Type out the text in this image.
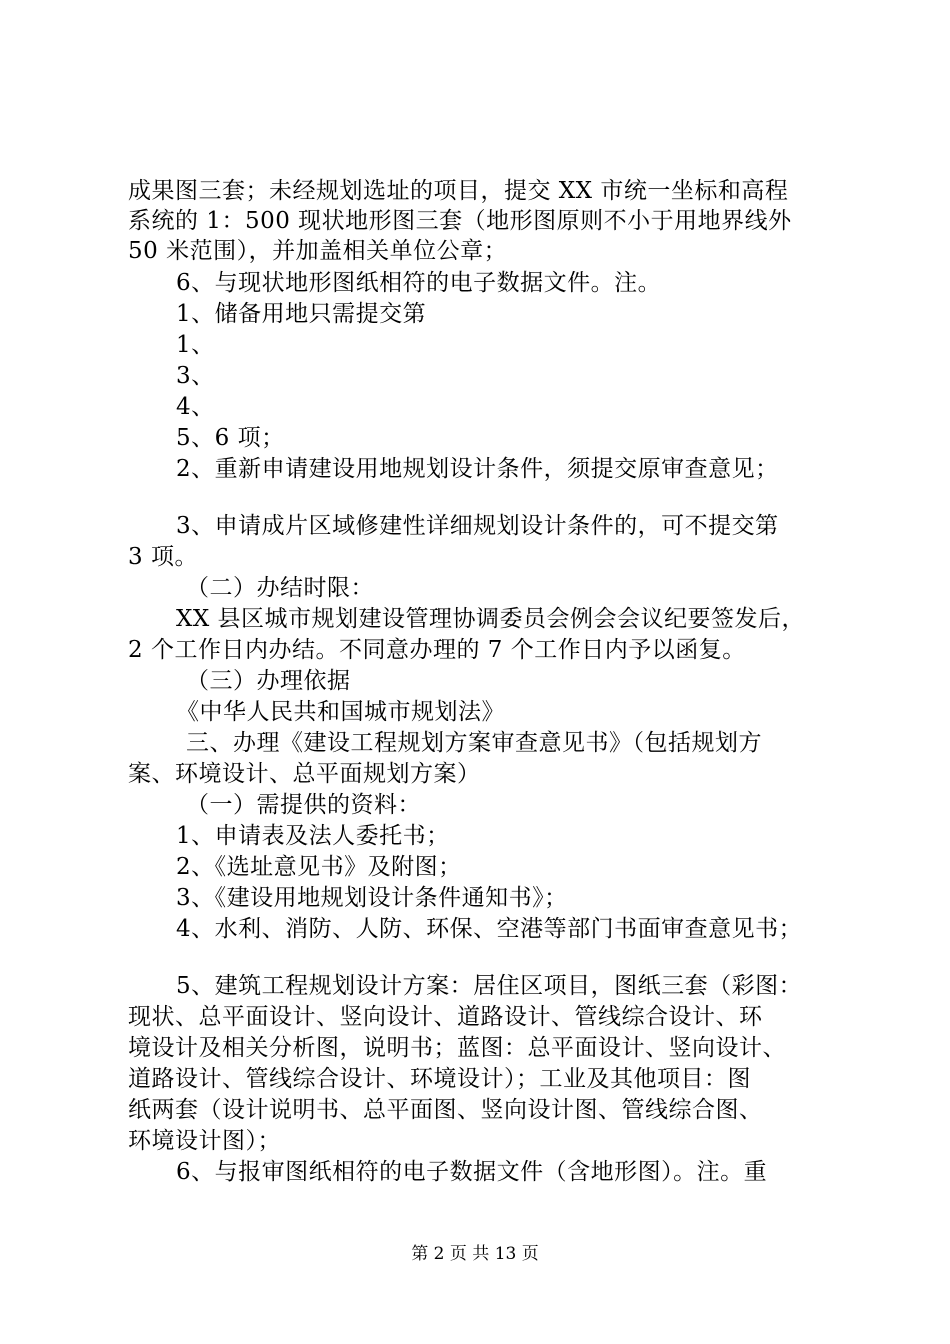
成果图三套；未经规划选址的项目，提交 XX 市统一坐标和高程
系统的 1：500 现状地形图三套（地形图原则不小于用地界线外
50 米范围），并加盖相关单位公章；
6、与现状地形图纸相符的电子数据文件。注。
1、储备用地只需提交第
1、
3、
4、
5、6 项；
2、重新申请建设用地规划设计条件，须提交原审查意见；
3、申请成片区域修建性详细规划设计条件的，可不提交第
3 项。
（二）办结时限：
XX 县区城市规划建设管理协调委员会例会会议纪要签发后，
2 个工作日内办结。不同意办理的 7 个工作日内予以函复。
（三）办理依据
《中华人民共和国城市规划法》
三、办理《建设工程规划方案审查意见书》（包括规划方
案、环境设计、总平面规划方案）
（一）需提供的资料：
1、申请表及法人委托书；
2、《选址意见书》及附图；
3、《建设用地规划设计条件通知书》；
4、水利、消防、人防、环保、空港等部门书面审查意见书；
5、建筑工程规划设计方案：居住区项目，图纸三套（彩图：
现状、总平面设计、竖向设计、道路设计、管线综合设计、环
境设计及相关分析图，说明书；蓝图：总平面设计、竖向设计、
道路设计、管线综合设计、环境设计）；工业及其他项目：图
纸两套（设计说明书、总平面图、竖向设计图、管线综合图、
环境设计图）；
6、与报审图纸相符的电子数据文件（含地形图）。注。重
第 2 页 共 13 页
